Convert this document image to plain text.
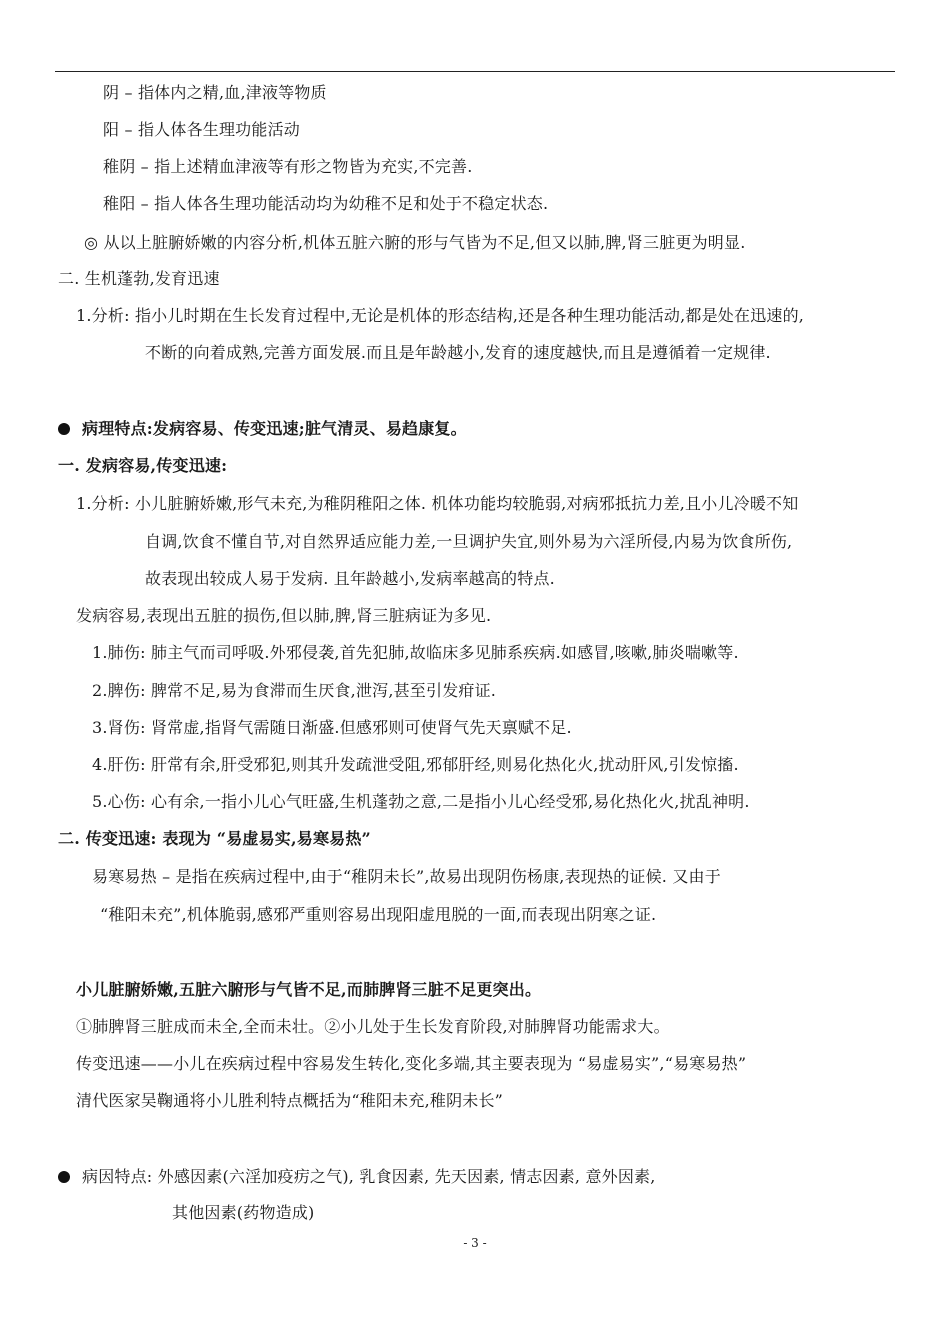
阴 – 指体内之精,血,津液等物质
阳 – 指人体各生理功能活动
稚阴 – 指上述精血津液等有形之物皆为充实,不完善.
稚阳 – 指人体各生理功能活动均为幼稚不足和处于不稳定状态.
◎ 从以上脏腑娇嫩的内容分析,机体五脏六腑的形与气皆为不足,但又以肺,脾,肾三脏更为明显.
二. 生机蓬勃,发育迅速
1.分析: 指小儿时期在生长发育过程中,无论是机体的形态结构,还是各种生理功能活动,都是处在迅速的,
不断的向着成熟,完善方面发展.而且是年龄越小,发育的速度越快,而且是遵循着一定规律.
病理特点:发病容易、传变迅速;脏气清灵、易趋康复。
一. 发病容易,传变迅速:
1.分析: 小儿脏腑娇嫩,形气未充,为稚阴稚阳之体. 机体功能均较脆弱,对病邪抵抗力差,且小儿冷暖不知
自调,饮食不懂自节,对自然界适应能力差,一旦调护失宜,则外易为六淫所侵,内易为饮食所伤,
故表现出较成人易于发病. 且年龄越小,发病率越高的特点.
发病容易,表现出五脏的损伤,但以肺,脾,肾三脏病证为多见.
1.肺伤: 肺主气而司呼吸.外邪侵袭,首先犯肺,故临床多见肺系疾病.如感冒,咳嗽,肺炎喘嗽等.
2.脾伤: 脾常不足,易为食滞而生厌食,泄泻,甚至引发疳证.
3.肾伤: 肾常虚,指肾气需随日渐盛.但感邪则可使肾气先天禀赋不足.
4.肝伤: 肝常有余,肝受邪犯,则其升发疏泄受阻,邪郁肝经,则易化热化火,扰动肝风,引发惊搐.
5.心伤: 心有余,一指小儿心气旺盛,生机蓬勃之意,二是指小儿心经受邪,易化热化火,扰乱神明.
二. 传变迅速: 表现为 “易虚易实,易寒易热”
易寒易热 – 是指在疾病过程中,由于“稚阴未长”,故易出现阴伤杨康,表现热的证候. 又由于
“稚阳未充”,机体脆弱,感邪严重则容易出现阳虚甩脱的一面,而表现出阴寒之证.
小儿脏腑娇嫩,五脏六腑形与气皆不足,而肺脾肾三脏不足更突出。
①肺脾肾三脏成而未全,全而未壮。②小儿处于生长发育阶段,对肺脾肾功能需求大。
传变迅速——小儿在疾病过程中容易发生转化,变化多端,其主要表现为 “易虚易实”,“易寒易热”
清代医家吴鞠通将小儿胜利特点概括为“稚阳未充,稚阴未长”
病因特点: 外感因素(六淫加疫疠之气), 乳食因素, 先天因素, 情志因素, 意外因素,
其他因素(药物造成)
- 3 -
